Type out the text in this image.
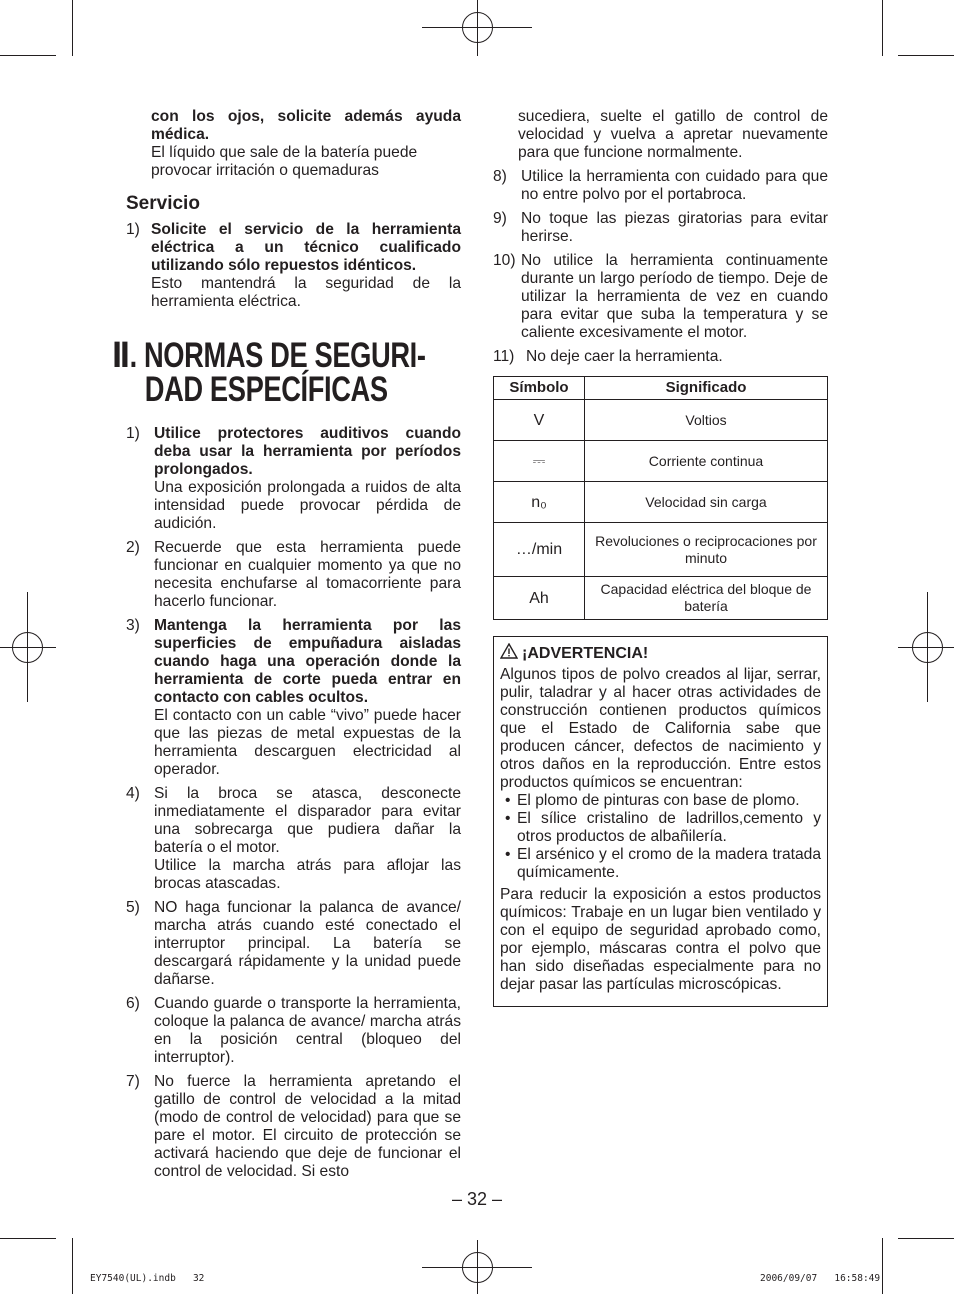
con los ojos, solicite además ayuda médica.

El líquido que sale de la batería puede provocar irritación o quemaduras

Servicio
1) Solicite el servicio de la herramienta eléctrica a un técnico cualificado utilizando sólo repuestos idénticos.

Esto mantendrá la seguridad de la herramienta eléctrica.

Ⅱ. NORMAS DE SEGURI-
DAD ESPECÍFICAS
1) Utilice protectores auditivos cuando deba usar la herramienta por períodos prolongados.

Una exposición prolongada a ruidos de alta intensidad puede provocar pérdida de audición.

2) Recuerde que esta herramienta puede funcionar en cualquier momento ya que no necesita enchufarse al tomacorriente para hacerlo funcionar.

3) Mantenga la herramienta por las superficies de empuñadura aisladas cuando haga una operación donde la herramienta de corte pueda entrar en contacto con cables ocultos.

El contacto con un cable “vivo” puede hacer que las piezas de metal expuestas de la herramienta descarguen electricidad al operador.

4) Si la broca se atasca, desconecte inmediatamente el disparador para evitar una sobrecarga que pudiera dañar la batería o el motor.

Utilice la marcha atrás para aflojar las brocas atascadas.

5) NO haga funcionar la palanca de avance/ marcha atrás cuando esté conectado el interruptor principal. La batería se descargará rápidamente y la unidad puede dañarse.

6) Cuando guarde o transporte la herramienta, coloque la palanca de avance/ marcha atrás en la posición central (bloqueo del interruptor).

7) No fuerce la herramienta apretando el gatillo de control de velocidad a la mitad (modo de control de velocidad) para que se pare el motor. El circuito de protección se activará haciendo que deje de funcionar el control de velocidad. Si esto

sucediera, suelte el gatillo de control de velocidad y vuelva a apretar nuevamente para que funcione normalmente.

8) Utilice la herramienta con cuidado para que no entre polvo por el portabroca.

9) No toque las piezas giratorias para evitar herirse.

10) No utilice la herramienta continuamente durante un largo período de tiempo. Deje de utilizar la herramienta de vez en cuando para evitar que suba la temperatura y se caliente excesivamente el motor.

11) No deje caer la herramienta.

Símbolo	Significado
V	Voltios
⎓	Corriente continua
n₀	Velocidad sin carga
…/min	Revoluciones o reciprocaciones por minuto
Ah	Capacidad eléctrica del bloque de batería
¡ADVERTENCIA!

Algunos tipos de polvo creados al lijar, serrar, pulir, taladrar y al hacer otras actividades de construcción contienen productos químicos que el Estado de California sabe que producen cáncer, defectos de nacimiento y otros daños en la reproducción. Entre estos productos químicos se encuentran:

• El plomo de pinturas con base de plomo.
• El sílice cristalino de ladrillos,cemento y otros productos de albañilería.
• El arsénico y el cromo de la madera tratada químicamente.

Para reducir la exposición a estos productos químicos: Trabaje en un lugar bien ventilado y con el equipo de seguridad aprobado como, por ejemplo, máscaras contra el polvo que han sido diseñadas especialmente para no dejar pasar las partículas microscópicas.

– 32 –
EY7540(UL).indb   32	2006/09/07   16:58:49
